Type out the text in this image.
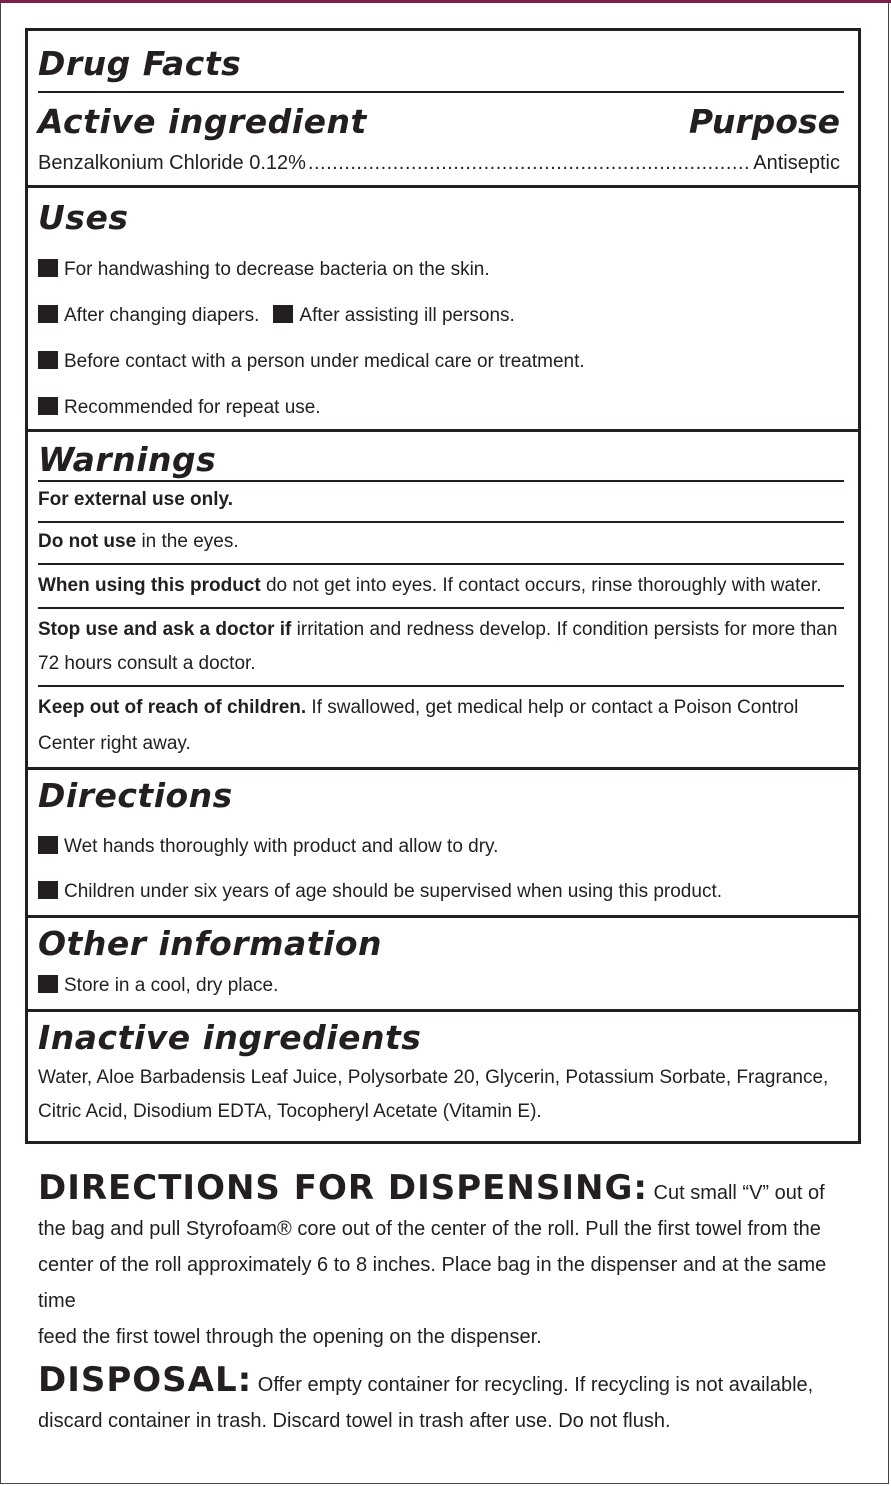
Drug Facts
Active ingredient	Purpose
Benzalkonium Chloride 0.12%
.....	Antiseptic
Uses
For handwashing to decrease bacteria on the skin.
After changing diapers. After assisting ill persons.
Before contact with a person under medical care or treatment.
Recommended for repeat use.
Warnings
For external use only.
Do not use in the eyes.
When using this product do not get into eyes. If contact occurs, rinse thoroughly with water.
Stop use and ask a doctor if irritation and redness develop. If condition persists for more than
72 hours consult a doctor.
Keep out of reach of children. If swallowed, get medical help or contact a Poison Control
Center right away.
Directions
Wet hands thoroughly with product and allow to dry.
Children under six years of age should be supervised when using this product.
Other information
Store in a cool, dry place.
Inactive ingredients
Water, Aloe Barbadensis Leaf Juice, Polysorbate 20, Glycerin, Potassium Sorbate, Fragrance,
Citric Acid, Disodium EDTA, Tocopheryl Acetate (Vitamin E).
DIRECTIONS FOR DISPENSING: Cut small “V” out of
the bag and pull Styrofoam® core out of the center of the roll. Pull the first towel from the
center of the roll approximately 6 to 8 inches. Place bag in the dispenser and at the same time
feed the first towel through the opening on the dispenser.
DISPOSAL: Offer empty container for recycling. If recycling is not available,
discard container in trash. Discard towel in trash after use. Do not flush.
